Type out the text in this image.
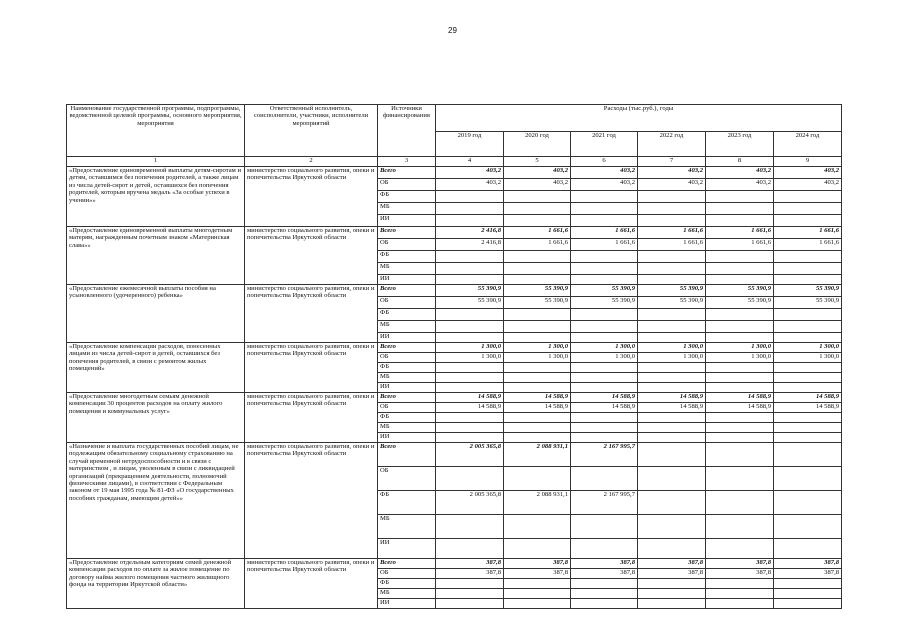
29
Наименование государственной программы, подпрограммы, ведомственной целевой программы, основного мероприятия, мероприятия	Ответственный исполнитель, соисполнители, участники, исполнители мероприятий	Источники финансирования	Расходы (тыс.руб.), годы					
			2019 год	2020 год	2021 год	2022 год	2023 год	2024 год
1	2	3	4	5	6	7	8	9
«Предоставление единовременной выплаты детям-сиротам и детям, оставшимся без попечения родителей, а также лицам из числа детей-сирот и детей, оставшихся без попечения родителей, которым вручена медаль «За особые успехи в учении»»	министерство социального развития, опеки и попечительства Иркутской области	Всего	403,2	403,2	403,2	403,2	403,2	403,2
		ОБ	403,2	403,2	403,2	403,2	403,2	403,2
		ФБ						
		МБ						
		ИИ						
«Предоставление единовременной выплаты многодетным матерям, награжденным почетным знаком «Материнская слава»»	министерство социального развития, опеки и попечительства Иркутской области	Всего	2 416,8	1 661,6	1 661,6	1 661,6	1 661,6	1 661,6
		ОБ	2 416,8	1 661,6	1 661,6	1 661,6	1 661,6	1 661,6
		ФБ						
		МБ						
		ИИ						
«Предоставление ежемесячной выплаты пособия на усыновленного (удочеренного) ребенка»	министерство социального развития, опеки и попечительства Иркутской области	Всего	55 390,9	55 390,9	55 390,9	55 390,9	55 390,9	55 390,9
		ОБ	55 390,9	55 390,9	55 390,9	55 390,9	55 390,9	55 390,9
		ФБ						
		МБ						
		ИИ						
«Предоставление компенсации расходов, понесенных лицами из числа детей-сирот и детей, оставшихся без попечения родителей, в связи с ремонтом жилых помещений»	министерство социального развития, опеки и попечительства Иркутской области	Всего	1 300,0	1 300,0	1 300,0	1 300,0	1 300,0	1 300,0
		ОБ	1 300,0	1 300,0	1 300,0	1 300,0	1 300,0	1 300,0
		ФБ						
		МБ						
		ИИ						
«Предоставление многодетным семьям денежной компенсации 30 процентов расходов на оплату жилого помещения и коммунальных услуг»	министерство социального развития, опеки и попечительства Иркутской области	Всего	14 588,9	14 588,9	14 588,9	14 588,9	14 588,9	14 588,9
		ОБ	14 588,9	14 588,9	14 588,9	14 588,9	14 588,9	14 588,9
		ФБ						
		МБ						
		ИИ						
«Назначение и выплата государственных пособий лицам, не подлежащим обязательному социальному страхованию на случай временной нетрудоспособности и в связи с материнством , и лицам, уволенным в связи с ликвидацией организаций (прекращением деятельности, полномочий физическими лицами), в соответствии с Федеральным законом от 19 мая 1995 года № 81-ФЗ «О государственных пособиях гражданам, имеющим детей»»	министерство социального развития, опеки и попечительства Иркутской области	Всего	2 005 365,8	2 088 931,1	2 167 995,7			
		ОБ						
		ФБ	2 005 365,8	2 088 931,1	2 167 995,7			
		МБ						
		ИИ						
«Предоставление отдельным категориям семей денежной компенсации расходов по оплате за жилое помещение по договору найма жилого помещения частного жилищного фонда на территории Иркутской области»	министерство социального развития, опеки и попечительства Иркутской области	Всего	387,8	387,8	387,8	387,8	387,8	387,8
		ОБ	387,8	387,8	387,8	387,8	387,8	387,8
		ФБ						
		МБ						
		ИИ						
